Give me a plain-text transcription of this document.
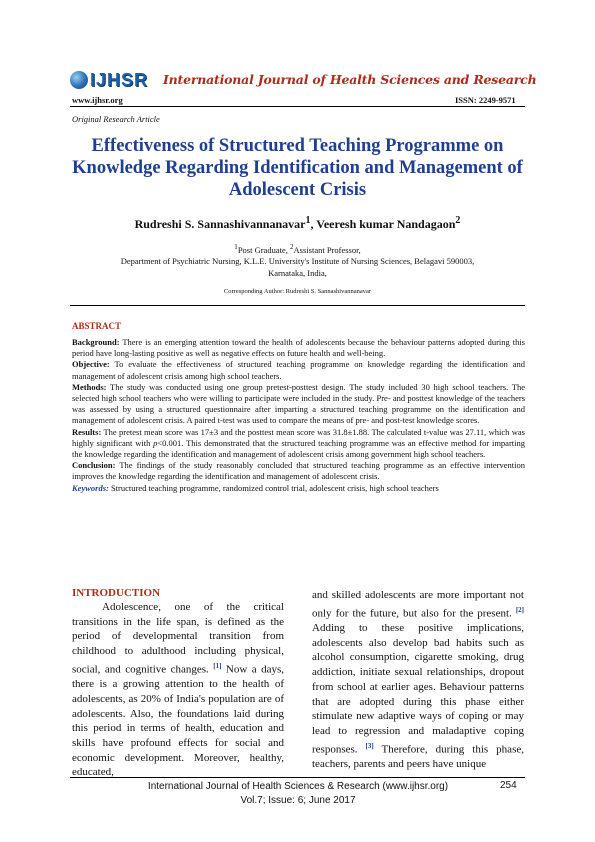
IJHSR International Journal of Health Sciences and Research
www.ijhsr.org	ISSN: 2249-9571
Original Research Article
Effectiveness of Structured Teaching Programme on Knowledge Regarding Identification and Management of Adolescent Crisis
Rudreshi S. Sannashivannanavar$^1$, Veeresh kumar Nandagaon$^2$
$^1$Post Graduate, $^2$Assistant Professor,
Department of Psychiatric Nursing, K.L.E. University's Institute of Nursing Sciences, Belagavi 590003,
Karnataka, India,
Corresponding Author: Rudreshi S. Sannashivannanavar
ABSTRACT

Background: There is an emerging attention toward the health of adolescents because the behaviour patterns adopted during this period have long-lasting positive as well as negative effects on future health and well-being.

Objective: To evaluate the effectiveness of structured teaching programme on knowledge regarding the identification and management of adolescent crisis among high school teachers.

Methods: The study was conducted using one group pretest-posttest design. The study included 30 high school teachers. The selected high school teachers who were willing to participate were included in the study. Pre- and posttest knowledge of the teachers was assessed by using a structured questionnaire after imparting a structured teaching programme on the identification and management of adolescent crisis. A paired t-test was used to compare the means of pre- and post-test knowledge scores.

Results: The pretest mean score was 17±3 and the posttest mean score was 31.8±1.88. The calculated t-value was 27.11, which was highly significant with p<0.001. This demonstrated that the structured teaching programme was an effective method for imparting the knowledge regarding the identification and management of adolescent crisis among government high school teachers.

Conclusion: The findings of the study reasonably concluded that structured teaching programme as an effective intervention improves the knowledge regarding the identification and management of adolescent crisis.

Keywords: Structured teaching programme, randomized control trial, adolescent crisis, high school teachers

INTRODUCTION

Adolescence, one of the critical transitions in the life span, is defined as the period of developmental transition from childhood to adulthood including physical, social, and cognitive changes. [1] Now a days, there is a growing attention to the health of adolescents, as 20% of India's population are of adolescents. Also, the foundations laid during this period in terms of health, education and skills have profound effects for social and economic development. Moreover, healthy, educated,

and skilled adolescents are more important not only for the future, but also for the present. [2] Adding to these positive implications, adolescents also develop bad habits such as alcohol consumption, cigarette smoking, drug addiction, initiate sexual relationships, dropout from school at earlier ages. Behaviour patterns that are adopted during this phase either stimulate new adaptive ways of coping or may lead to regression and maladaptive coping responses. [3] Therefore, during this phase, teachers, parents and peers have unique

International Journal of Health Sciences & Research (www.ijhsr.org)
Vol.7; Issue: 6; June 2017
254
